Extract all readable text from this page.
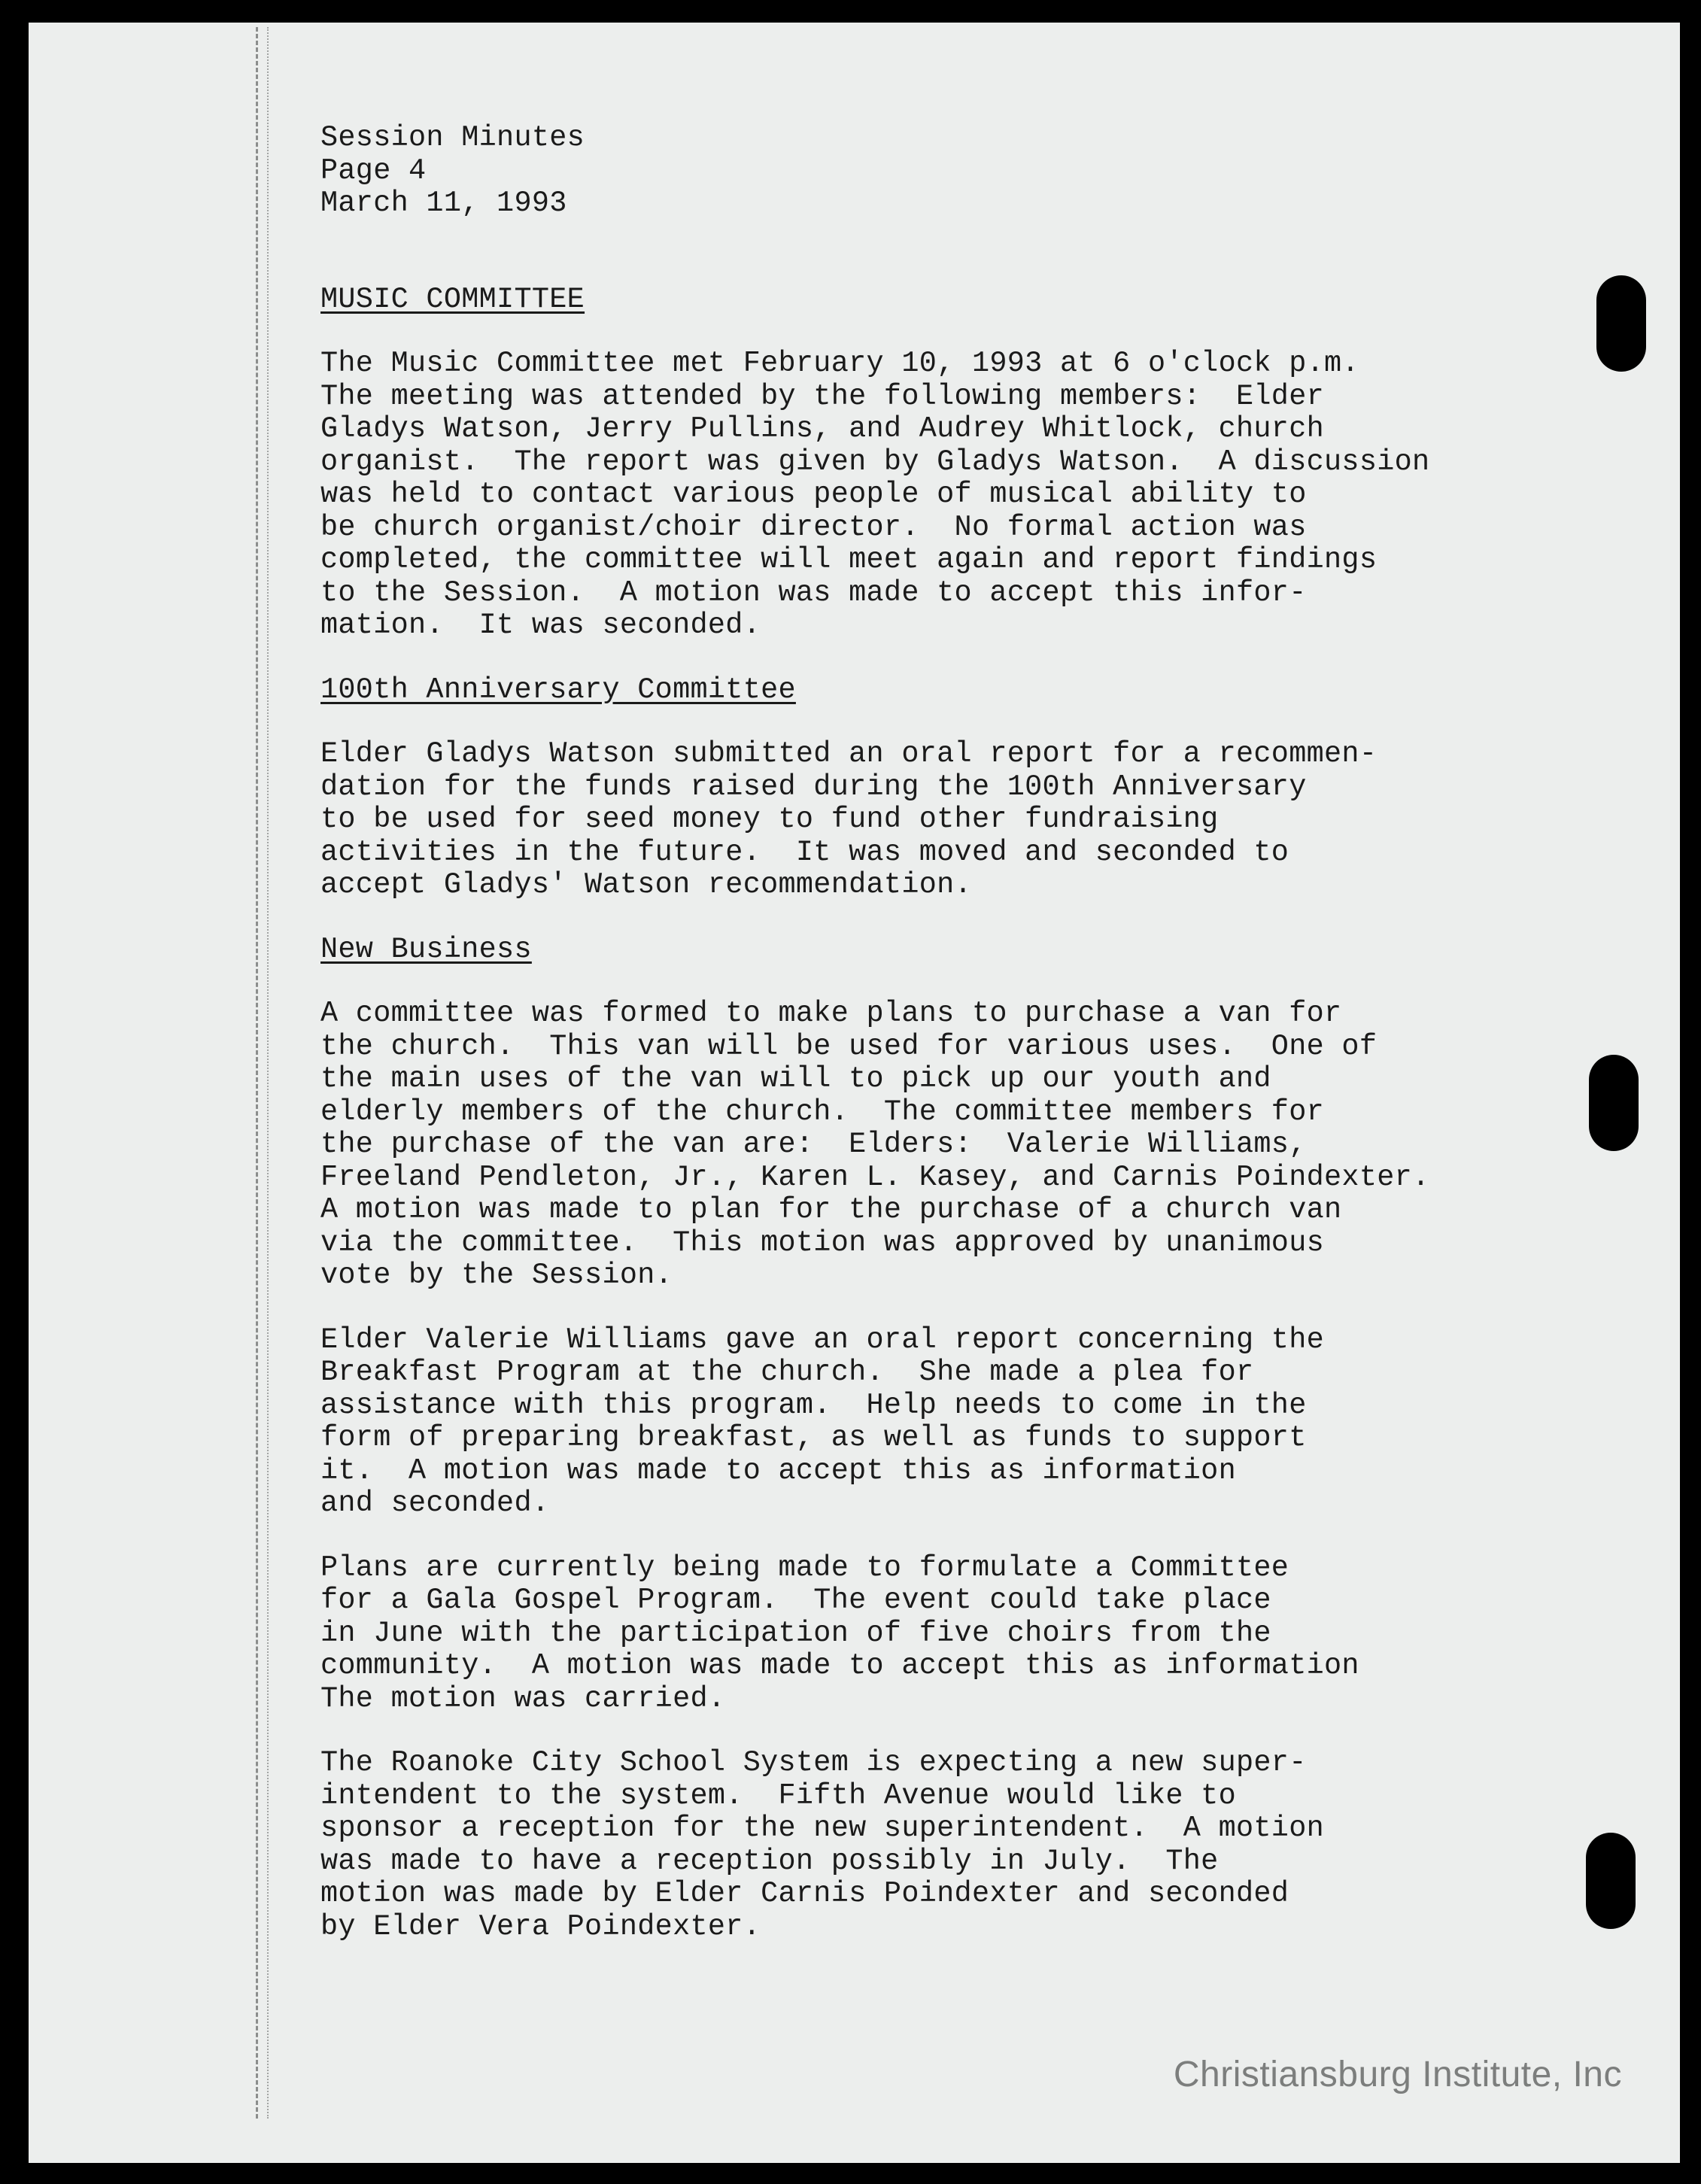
Session Minutes
Page 4
March 11, 1993
MUSIC COMMITTEE

The Music Committee met February 10, 1993 at 6 o'clock p.m.
The meeting was attended by the following members:  Elder
Gladys Watson, Jerry Pullins, and Audrey Whitlock, church
organist.  The report was given by Gladys Watson.  A discussion
was held to contact various people of musical ability to
be church organist/choir director.  No formal action was
completed, the committee will meet again and report findings
to the Session.  A motion was made to accept this infor-
mation.  It was seconded.

100th Anniversary Committee

Elder Gladys Watson submitted an oral report for a recommen-
dation for the funds raised during the 100th Anniversary
to be used for seed money to fund other fundraising
activities in the future.  It was moved and seconded to
accept Gladys' Watson recommendation.

New Business

A committee was formed to make plans to purchase a van for
the church.  This van will be used for various uses.  One of
the main uses of the van will to pick up our youth and
elderly members of the church.  The committee members for
the purchase of the van are:  Elders:  Valerie Williams,
Freeland Pendleton, Jr., Karen L. Kasey, and Carnis Poindexter.
A motion was made to plan for the purchase of a church van
via the committee.  This motion was approved by unanimous
vote by the Session.

Elder Valerie Williams gave an oral report concerning the
Breakfast Program at the church.  She made a plea for
assistance with this program.  Help needs to come in the
form of preparing breakfast, as well as funds to support
it.  A motion was made to accept this as information
and seconded.

Plans are currently being made to formulate a Committee
for a Gala Gospel Program.  The event could take place
in June with the participation of five choirs from the
community.  A motion was made to accept this as information
The motion was carried.

The Roanoke City School System is expecting a new super-
intendent to the system.  Fifth Avenue would like to
sponsor a reception for the new superintendent.  A motion
was made to have a reception possibly in July.  The
motion was made by Elder Carnis Poindexter and seconded
by Elder Vera Poindexter.

Christiansburg Institute, Inc
